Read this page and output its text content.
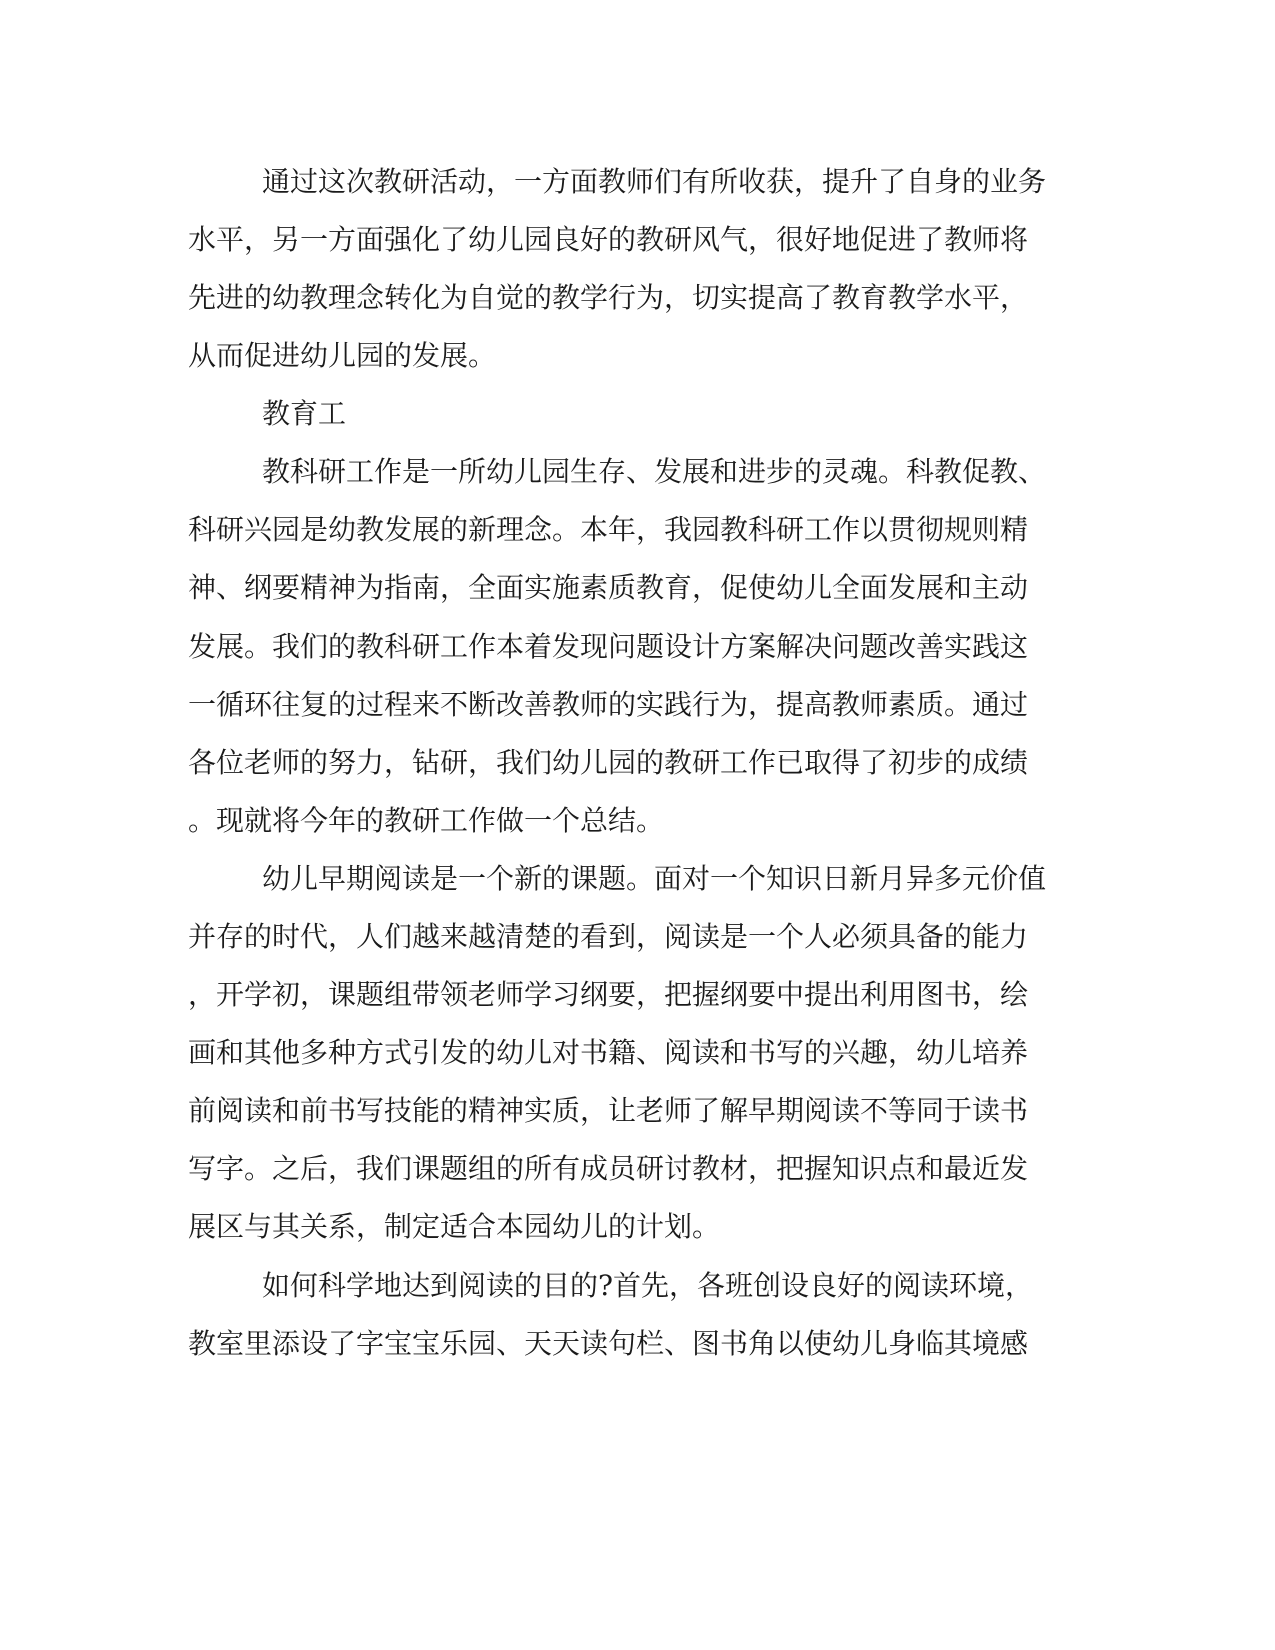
通过这次教研活动，一方面教师们有所收获，提升了自身的业务

水平，另一方面强化了幼儿园良好的教研风气，很好地促进了教师将

先进的幼教理念转化为自觉的教学行为，切实提高了教育教学水平，

从而促进幼儿园的发展。

教育工

教科研工作是一所幼儿园生存、发展和进步的灵魂。科教促教、

科研兴园是幼教发展的新理念。本年，我园教科研工作以贯彻规则精

神、纲要精神为指南，全面实施素质教育，促使幼儿全面发展和主动

发展。我们的教科研工作本着发现问题设计方案解决问题改善实践这

一循环往复的过程来不断改善教师的实践行为，提高教师素质。通过

各位老师的努力，钻研，我们幼儿园的教研工作已取得了初步的成绩

。现就将今年的教研工作做一个总结。

幼儿早期阅读是一个新的课题。面对一个知识日新月异多元价值

并存的时代，人们越来越清楚的看到，阅读是一个人必须具备的能力

，开学初，课题组带领老师学习纲要，把握纲要中提出利用图书，绘

画和其他多种方式引发的幼儿对书籍、阅读和书写的兴趣，幼儿培养

前阅读和前书写技能的精神实质，让老师了解早期阅读不等同于读书

写字。之后，我们课题组的所有成员研讨教材，把握知识点和最近发

展区与其关系，制定适合本园幼儿的计划。

如何科学地达到阅读的目的?首先，各班创设良好的阅读环境，

教室里添设了字宝宝乐园、天天读句栏、图书角以使幼儿身临其境感
